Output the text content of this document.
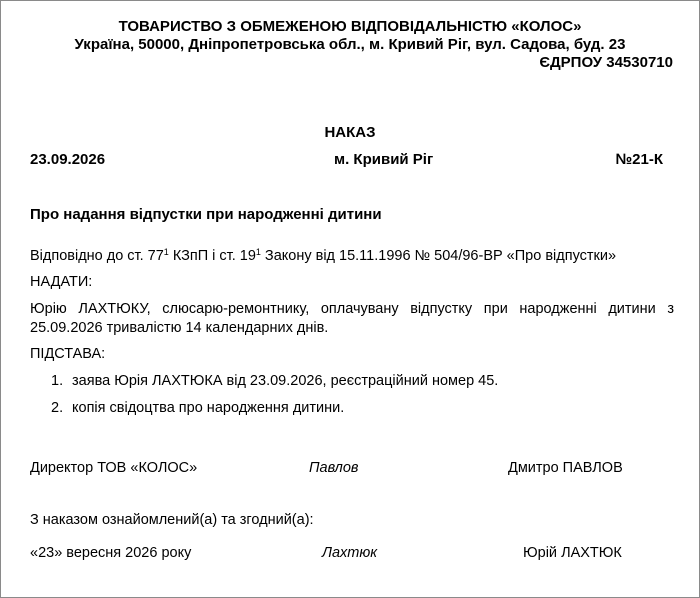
ТОВАРИСТВО З ОБМЕЖЕНОЮ ВІДПОВІДАЛЬНІСТЮ «КОЛОС»
Україна, 50000, Дніпропетровська обл., м. Кривий Ріг, вул. Садова, буд. 23
ЄДРПОУ 34530710
НАКАЗ
23.09.2026	м. Кривий Ріг	№21-К
Про надання відпустки при народженні дитини
Відповідно до ст. $77^1$ КЗпП і ст. $19^1$ Закону від 15.11.1996 № 504/96-ВР «Про відпустки»
НАДАТИ:
Юрію ЛАХТЮКУ, слюсарю-ремонтнику, оплачувану відпустку при народженні дитини з 25.09.2026 тривалістю 14 календарних днів.
ПІДСТАВА:
1. заява Юрія ЛАХТЮКА від 23.09.2026, реєстраційний номер 45.
2. копія свідоцтва про народження дитини.
Директор ТОВ «КОЛОС»	Павлов	Дмитро ПАВЛОВ
З наказом ознайомлений(а) та згодний(а):
«23» вересня 2026 року	Лахтюк	Юрій ЛАХТЮК
